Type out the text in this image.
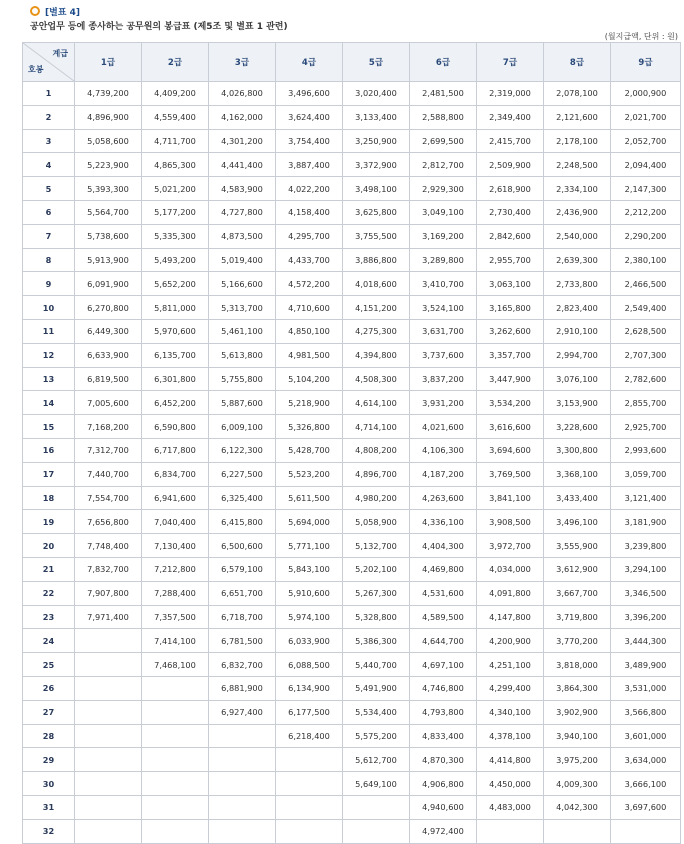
[별표 4]
공안업무 등에 종사하는 공무원의 봉급표 (제5조 및 별표 1 관련)
(월지급액, 단위 : 원)
계급
호봉	1급	2급	3급	4급	5급	6급	7급	8급	9급
1	4,739,200	4,409,200	4,026,800	3,496,600	3,020,400	2,481,500	2,319,000	2,078,100	2,000,900
2	4,896,900	4,559,400	4,162,000	3,624,400	3,133,400	2,588,800	2,349,400	2,121,600	2,021,700
3	5,058,600	4,711,700	4,301,200	3,754,400	3,250,900	2,699,500	2,415,700	2,178,100	2,052,700
4	5,223,900	4,865,300	4,441,400	3,887,400	3,372,900	2,812,700	2,509,900	2,248,500	2,094,400
5	5,393,300	5,021,200	4,583,900	4,022,200	3,498,100	2,929,300	2,618,900	2,334,100	2,147,300
6	5,564,700	5,177,200	4,727,800	4,158,400	3,625,800	3,049,100	2,730,400	2,436,900	2,212,200
7	5,738,600	5,335,300	4,873,500	4,295,700	3,755,500	3,169,200	2,842,600	2,540,000	2,290,200
8	5,913,900	5,493,200	5,019,400	4,433,700	3,886,800	3,289,800	2,955,700	2,639,300	2,380,100
9	6,091,900	5,652,200	5,166,600	4,572,200	4,018,600	3,410,700	3,063,100	2,733,800	2,466,500
10	6,270,800	5,811,000	5,313,700	4,710,600	4,151,200	3,524,100	3,165,800	2,823,400	2,549,400
11	6,449,300	5,970,600	5,461,100	4,850,100	4,275,300	3,631,700	3,262,600	2,910,100	2,628,500
12	6,633,900	6,135,700	5,613,800	4,981,500	4,394,800	3,737,600	3,357,700	2,994,700	2,707,300
13	6,819,500	6,301,800	5,755,800	5,104,200	4,508,300	3,837,200	3,447,900	3,076,100	2,782,600
14	7,005,600	6,452,200	5,887,600	5,218,900	4,614,100	3,931,200	3,534,200	3,153,900	2,855,700
15	7,168,200	6,590,800	6,009,100	5,326,800	4,714,100	4,021,600	3,616,600	3,228,600	2,925,700
16	7,312,700	6,717,800	6,122,300	5,428,700	4,808,200	4,106,300	3,694,600	3,300,800	2,993,600
17	7,440,700	6,834,700	6,227,500	5,523,200	4,896,700	4,187,200	3,769,500	3,368,100	3,059,700
18	7,554,700	6,941,600	6,325,400	5,611,500	4,980,200	4,263,600	3,841,100	3,433,400	3,121,400
19	7,656,800	7,040,400	6,415,800	5,694,000	5,058,900	4,336,100	3,908,500	3,496,100	3,181,900
20	7,748,400	7,130,400	6,500,600	5,771,100	5,132,700	4,404,300	3,972,700	3,555,900	3,239,800
21	7,832,700	7,212,800	6,579,100	5,843,100	5,202,100	4,469,800	4,034,000	3,612,900	3,294,100
22	7,907,800	7,288,400	6,651,700	5,910,600	5,267,300	4,531,600	4,091,800	3,667,700	3,346,500
23	7,971,400	7,357,500	6,718,700	5,974,100	5,328,800	4,589,500	4,147,800	3,719,800	3,396,200
24		7,414,100	6,781,500	6,033,900	5,386,300	4,644,700	4,200,900	3,770,200	3,444,300
25		7,468,100	6,832,700	6,088,500	5,440,700	4,697,100	4,251,100	3,818,000	3,489,900
26			6,881,900	6,134,900	5,491,900	4,746,800	4,299,400	3,864,300	3,531,000
27			6,927,400	6,177,500	5,534,400	4,793,800	4,340,100	3,902,900	3,566,800
28				6,218,400	5,575,200	4,833,400	4,378,100	3,940,100	3,601,000
29					5,612,700	4,870,300	4,414,800	3,975,200	3,634,000
30					5,649,100	4,906,800	4,450,000	4,009,300	3,666,100
31						4,940,600	4,483,000	4,042,300	3,697,600
32						4,972,400			
